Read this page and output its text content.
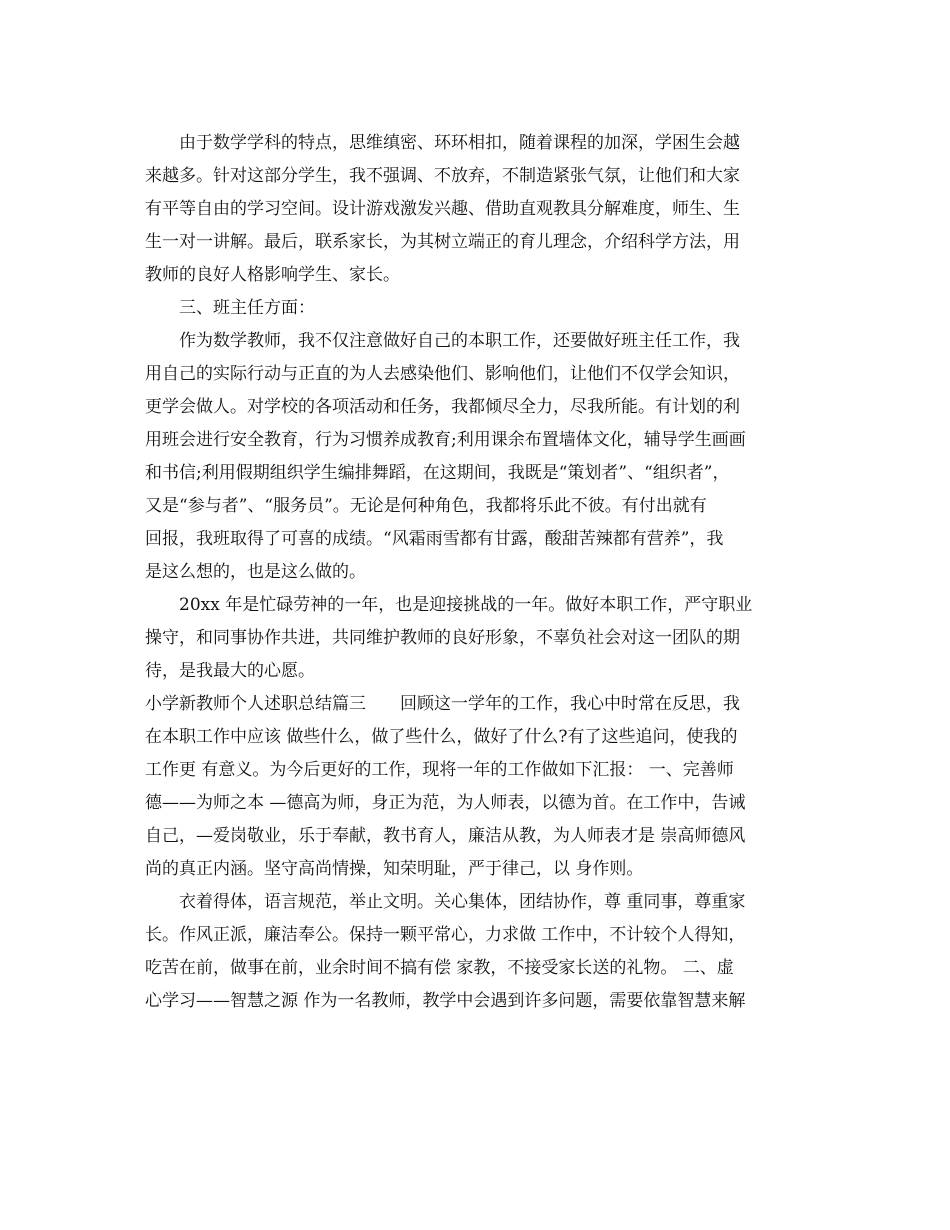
由于数学学科的特点，思维缜密、环环相扣，随着课程的加深，学困生会越
来越多。针对这部分学生，我不强调、不放弃，不制造紧张气氛，让他们和大家
有平等自由的学习空间。设计游戏激发兴趣、借助直观教具分解难度，师生、生
生一对一讲解。最后，联系家长，为其树立端正的育儿理念，介绍科学方法，用
教师的良好人格影响学生、家长。
三、班主任方面：
作为数学教师，我不仅注意做好自己的本职工作，还要做好班主任工作，我
用自己的实际行动与正直的为人去感染他们、影响他们，让他们不仅学会知识，
更学会做人。对学校的各项活动和任务，我都倾尽全力，尽我所能。有计划的利
用班会进行安全教育，行为习惯养成教育;利用课余布置墙体文化，辅导学生画画
和书信;利用假期组织学生编排舞蹈，在这期间，我既是“策划者”、“组织者”，
又是“参与者”、“服务员”。无论是何种角色，我都将乐此不彼。有付出就有
回报，我班取得了可喜的成绩。“风霜雨雪都有甘露，酸甜苦辣都有营养”，我
是这么想的，也是这么做的。
20xx 年是忙碌劳神的一年，也是迎接挑战的一年。做好本职工作，严守职业
操守，和同事协作共进，共同维护教师的良好形象，不辜负社会对这一团队的期
待，是我最大的心愿。
小学新教师个人述职总结篇三　　回顾这一学年的工作，我心中时常在反思，我
在本职工作中应该 做些什么，做了些什么，做好了什么?有了这些追问，使我的
工作更 有意义。为今后更好的工作，现将一年的工作做如下汇报： 一、完善师
德——为师之本 —德高为师，身正为范，为人师表，以德为首。在工作中，告诫
自己，—爱岗敬业，乐于奉献，教书育人，廉洁从教，为人师表才是 崇高师德风
尚的真正内涵。坚守高尚情操，知荣明耻，严于律己，以 身作则。
衣着得体，语言规范，举止文明。关心集体，团结协作，尊 重同事，尊重家
长。作风正派，廉洁奉公。保持一颗平常心，力求做 工作中，不计较个人得知，
吃苦在前，做事在前，业余时间不搞有偿 家教，不接受家长送的礼物。 二、虚
心学习——智慧之源 作为一名教师，教学中会遇到许多问题，需要依靠智慧来解
